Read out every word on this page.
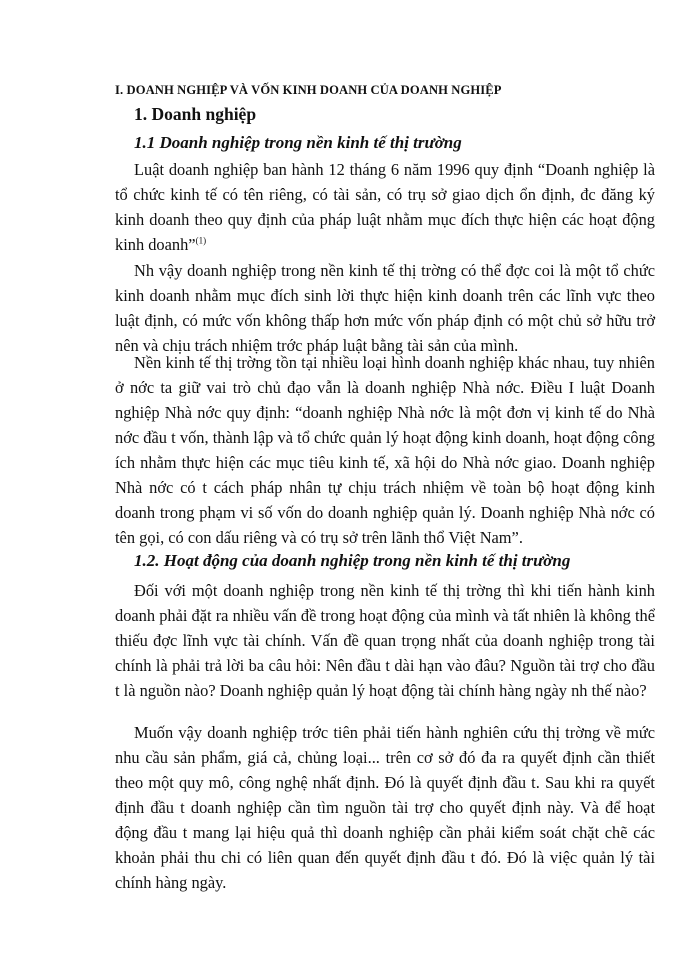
I. DOANH NGHIỆP VÀ VỐN KINH DOANH CỦA DOANH NGHIỆP
1. Doanh nghiệp
1.1 Doanh nghiệp trong nền kinh tế thị trường

Luật doanh nghiệp ban hành 12 tháng 6 năm 1996 quy định “Doanh nghiệp là tổ chức kinh tế có tên riêng, có tài sản, có trụ sở giao dịch ổn định, đc đăng ký kinh doanh theo quy định của pháp luật nhằm mục đích thực hiện các hoạt động kinh doanh”$^{(1)}$

Nh vậy doanh nghiệp trong nền kinh tế thị trờng có thể đợc coi là một tổ chức kinh doanh nhằm mục đích sinh lời thực hiện kinh doanh trên các lĩnh vực theo luật định, có mức vốn không thấp hơn mức vốn pháp định có một chủ sở hữu trở nên và chịu trách nhiệm trớc pháp luật bằng tài sản của mình.

Nền kinh tế thị trờng tồn tại nhiều loại hình doanh nghiệp khác nhau, tuy nhiên ở nớc ta giữ vai trò chủ đạo vẫn là doanh nghiệp Nhà nớc. Điều I luật Doanh nghiệp Nhà nớc quy định: “doanh nghiệp Nhà nớc là một đơn vị kinh tế do Nhà nớc đầu t vốn, thành lập và tổ chức quản lý hoạt động kinh doanh, hoạt động công ích nhằm thực hiện các mục tiêu kinh tế, xã hội do Nhà nớc giao. Doanh nghiệp Nhà nớc có t cách pháp nhân tự chịu trách nhiệm về toàn bộ hoạt động kinh doanh trong phạm vi số vốn do doanh nghiệp quản lý. Doanh nghiệp Nhà nớc có tên gọi, có con dấu riêng và có trụ sở trên lãnh thổ Việt Nam”.

1.2. Hoạt động của doanh nghiệp trong nền kinh tế thị trường

Đối với một doanh nghiệp trong nền kinh tế thị trờng thì khi tiến hành kinh doanh phải đặt ra nhiều vấn đề trong hoạt động của mình và tất nhiên là không thể thiếu đợc lĩnh vực tài chính. Vấn đề quan trọng nhất của doanh nghiệp trong tài chính là phải trả lời ba câu hỏi: Nên đầu t dài hạn vào đâu? Nguồn tài trợ cho đầu t là nguồn nào? Doanh nghiệp quản lý hoạt động tài chính hàng ngày nh thế nào?

Muốn vậy doanh nghiệp trớc tiên phải tiến hành nghiên cứu thị trờng về mức nhu cầu sản phẩm, giá cả, chủng loại... trên cơ sở đó đa ra quyết định cần thiết theo một quy mô, công nghệ nhất định. Đó là quyết định đầu t. Sau khi ra quyết định đầu t doanh nghiệp cần tìm nguồn tài trợ cho quyết định này. Và để hoạt động đầu t mang lại hiệu quả thì doanh nghiệp cần phải kiểm soát chặt chẽ các khoản phải thu chi có liên quan đến quyết định đầu t đó. Đó là việc quản lý tài chính hàng ngày.
